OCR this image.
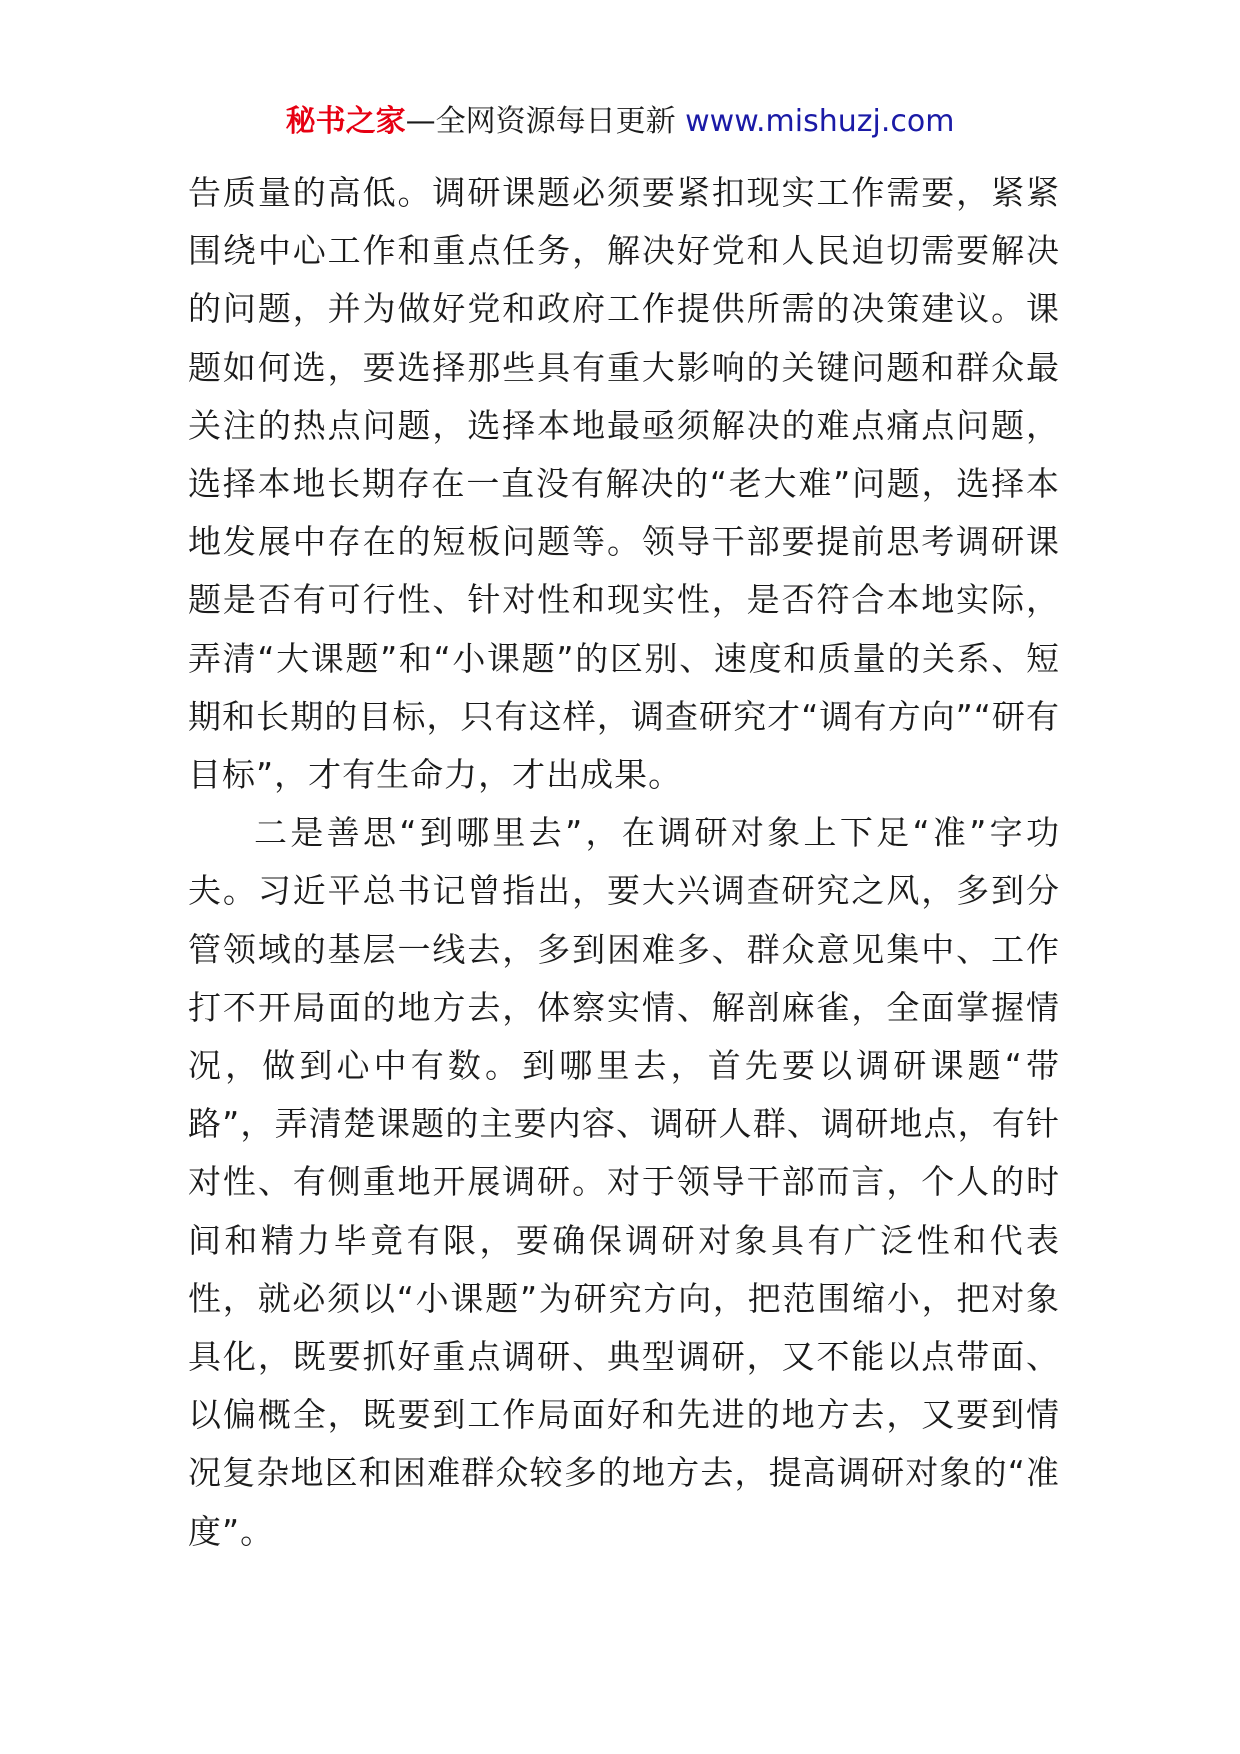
秘书之家—全网资源每日更新 www.mishuzj.com

告质量的高低。调研课题必须要紧扣现实工作需要，紧紧围绕中心工作和重点任务，解决好党和人民迫切需要解决的问题，并为做好党和政府工作提供所需的决策建议。课题如何选，要选择那些具有重大影响的关键问题和群众最关注的热点问题，选择本地最亟须解决的难点痛点问题，选择本地长期存在一直没有解决的“老大难”问题，选择本地发展中存在的短板问题等。领导干部要提前思考调研课题是否有可行性、针对性和现实性，是否符合本地实际，弄清“大课题”和“小课题”的区别、速度和质量的关系、短期和长期的目标，只有这样，调查研究才“调有方向”“研有目标”，才有生命力，才出成果。

二是善思“到哪里去”，在调研对象上下足“准”字功夫。习近平总书记曾指出，要大兴调查研究之风，多到分管领域的基层一线去，多到困难多、群众意见集中、工作打不开局面的地方去，体察实情、解剖麻雀，全面掌握情况，做到心中有数。到哪里去，首先要以调研课题“带路”，弄清楚课题的主要内容、调研人群、调研地点，有针对性、有侧重地开展调研。对于领导干部而言，个人的时间和精力毕竟有限，要确保调研对象具有广泛性和代表性，就必须以“小课题”为研究方向，把范围缩小，把对象具化，既要抓好重点调研、典型调研，又不能以点带面、以偏概全，既要到工作局面好和先进的地方去，又要到情况复杂地区和困难群众较多的地方去，提高调研对象的“准度”。
